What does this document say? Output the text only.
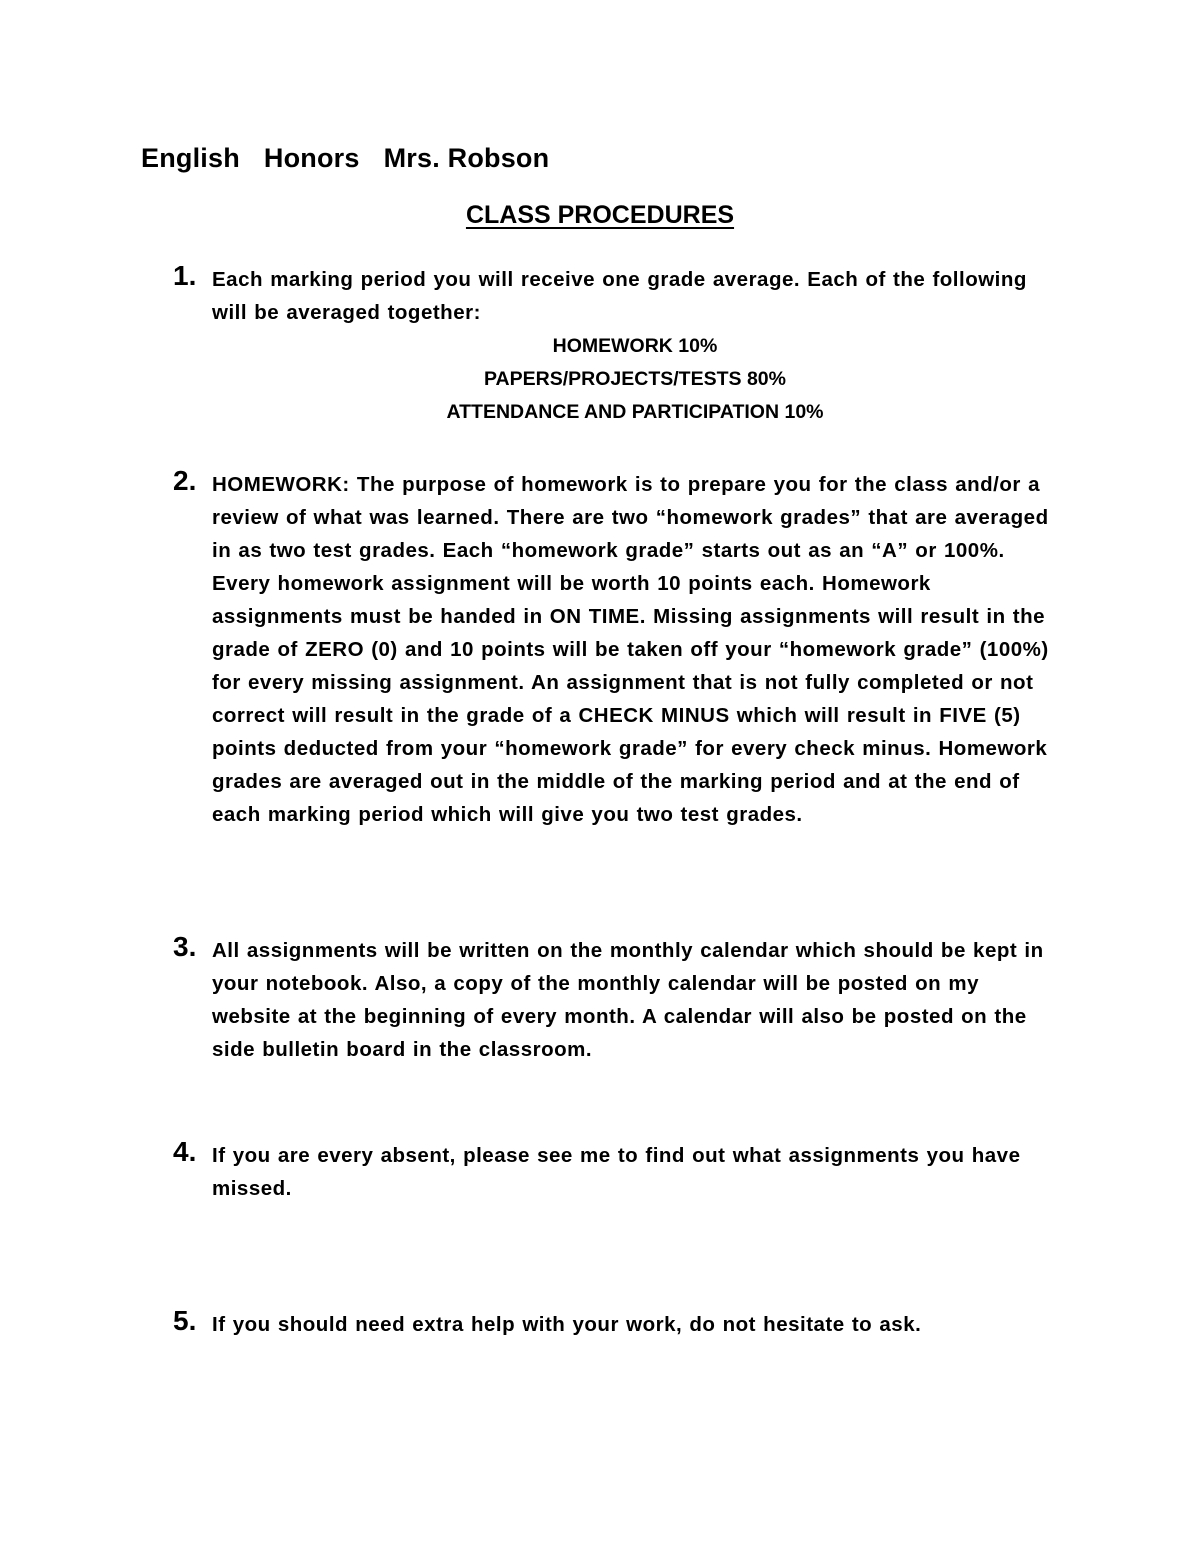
English Honors Mrs. Robson
CLASS PROCEDURES
1. Each marking period you will receive one grade average. Each of the following will be averaged together:
HOMEWORK 10%
PAPERS/PROJECTS/TESTS 80%
ATTENDANCE AND PARTICIPATION 10%
2. HOMEWORK: The purpose of homework is to prepare you for the class and/or a review of what was learned. There are two “homework grades” that are averaged in as two test grades. Each “homework grade” starts out as an “A” or 100%. Every homework assignment will be worth 10 points each. Homework assignments must be handed in ON TIME. Missing assignments will result in the grade of ZERO (0) and 10 points will be taken off your “homework grade” (100%) for every missing assignment. An assignment that is not fully completed or not correct will result in the grade of a CHECK MINUS which will result in FIVE (5) points deducted from your “homework grade” for every check minus. Homework grades are averaged out in the middle of the marking period and at the end of each marking period which will give you two test grades.
3. All assignments will be written on the monthly calendar which should be kept in your notebook. Also, a copy of the monthly calendar will be posted on my website at the beginning of every month. A calendar will also be posted on the side bulletin board in the classroom.
4. If you are every absent, please see me to find out what assignments you have missed.
5. If you should need extra help with your work, do not hesitate to ask.
